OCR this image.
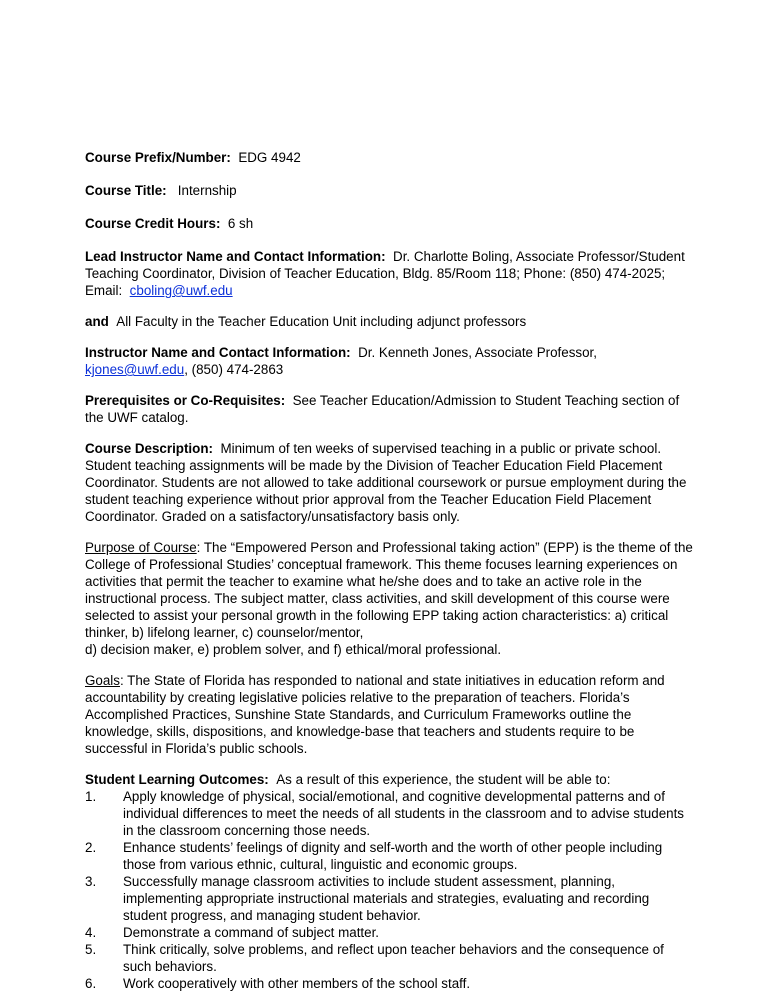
Course Prefix/Number: EDG 4942

Course Title: Internship

Course Credit Hours: 6 sh

Lead Instructor Name and Contact Information: Dr. Charlotte Boling, Associate Professor/Student Teaching Coordinator, Division of Teacher Education, Bldg. 85/Room 118; Phone: (850) 474-2025; Email:  cboling@uwf.edu

and All Faculty in the Teacher Education Unit including adjunct professors

Instructor Name and Contact Information: Dr. Kenneth Jones, Associate Professor,
kjones@uwf.edu, (850) 474-2863

Prerequisites or Co-Requisites: See Teacher Education/Admission to Student Teaching section of the UWF catalog.

Course Description: Minimum of ten weeks of supervised teaching in a public or private school. Student teaching assignments will be made by the Division of Teacher Education Field Placement Coordinator. Students are not allowed to take additional coursework or pursue employment during the student teaching experience without prior approval from the Teacher Education Field Placement Coordinator. Graded on a satisfactory/unsatisfactory basis only.

Purpose of Course: The “Empowered Person and Professional taking action” (EPP) is the theme of the College of Professional Studies’ conceptual framework. This theme focuses learning experiences on activities that permit the teacher to examine what he/she does and to take an active role in the instructional process. The subject matter, class activities, and skill development of this course were selected to assist your personal growth in the following EPP taking action characteristics: a) critical thinker, b) lifelong learner, c) counselor/mentor,
d) decision maker, e) problem solver, and f) ethical/moral professional.

Goals: The State of Florida has responded to national and state initiatives in education reform and accountability by creating legislative policies relative to the preparation of teachers. Florida’s Accomplished Practices, Sunshine State Standards, and Curriculum Frameworks outline the knowledge, skills, dispositions, and knowledge-base that teachers and students require to be successful in Florida’s public schools.

Student Learning Outcomes: As a result of this experience, the student will be able to:
1.	Apply knowledge of physical, social/emotional, and cognitive developmental patterns and of individual differences to meet the needs of all students in the classroom and to advise students in the classroom concerning those needs.
2.	Enhance students’ feelings of dignity and self-worth and the worth of other people including those from various ethnic, cultural, linguistic and economic groups.
3.	Successfully manage classroom activities to include student assessment, planning, implementing appropriate instructional materials and strategies, evaluating and recording student progress, and managing student behavior.
4.	Demonstrate a command of subject matter.
5.	Think critically, solve problems, and reflect upon teacher behaviors and the consequence of such behaviors.
6.	Work cooperatively with other members of the school staff.
